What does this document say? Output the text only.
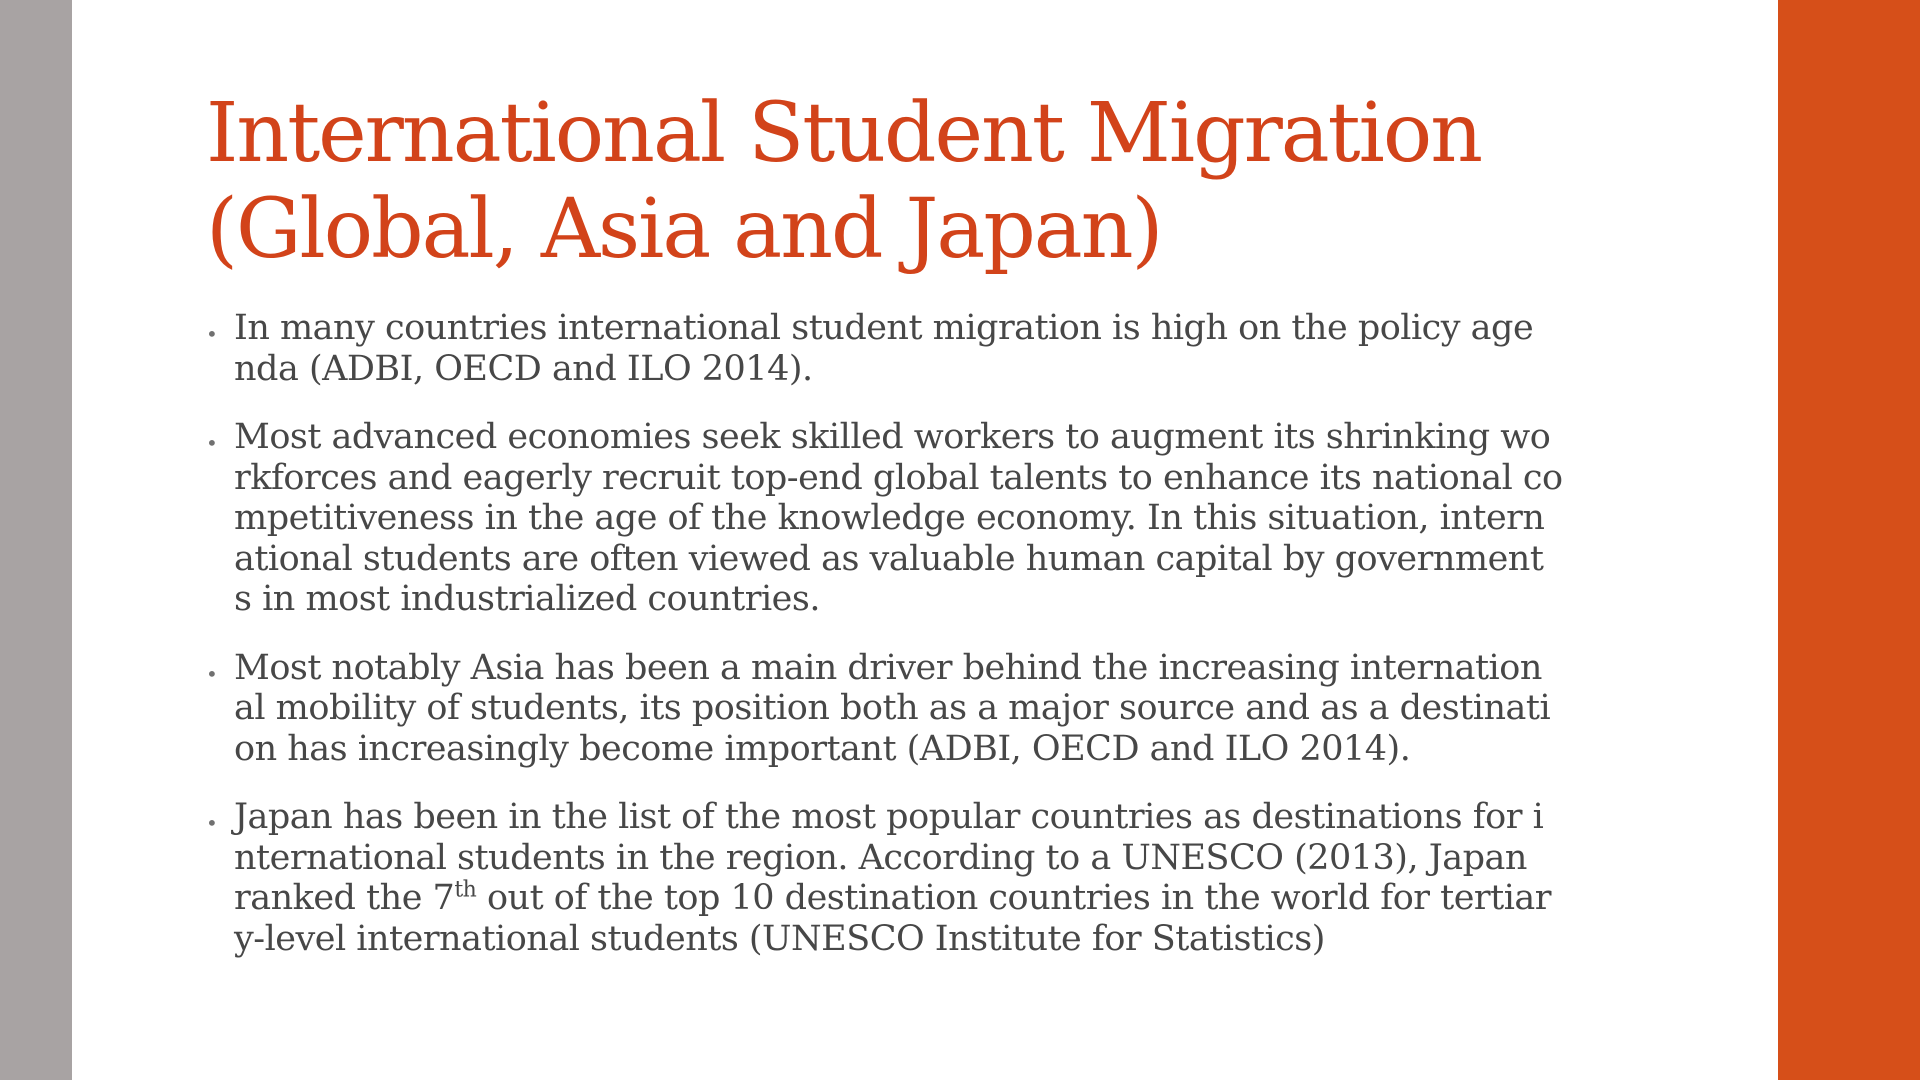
International Student Migration
(Global, Asia and Japan)
• In many countries international student migration is high on the policy age
nda (ADBI, OECD and ILO 2014).
• Most advanced economies seek skilled workers to augment its shrinking wo
rkforces and eagerly recruit top-end global talents to enhance its national co
mpetitiveness in the age of the knowledge economy. In this situation, intern
ational students are often viewed as valuable human capital by government
s in most industrialized countries.
• Most notably Asia has been a main driver behind the increasing internation
al mobility of students, its position both as a major source and as a destinati
on has increasingly become important (ADBI, OECD and ILO 2014).
• Japan has been in the list of the most popular countries as destinations for i
nternational students in the region. According to a UNESCO (2013), Japan
ranked the 7th out of the top 10 destination countries in the world for tertiar
y-level international students (UNESCO Institute for Statistics)
